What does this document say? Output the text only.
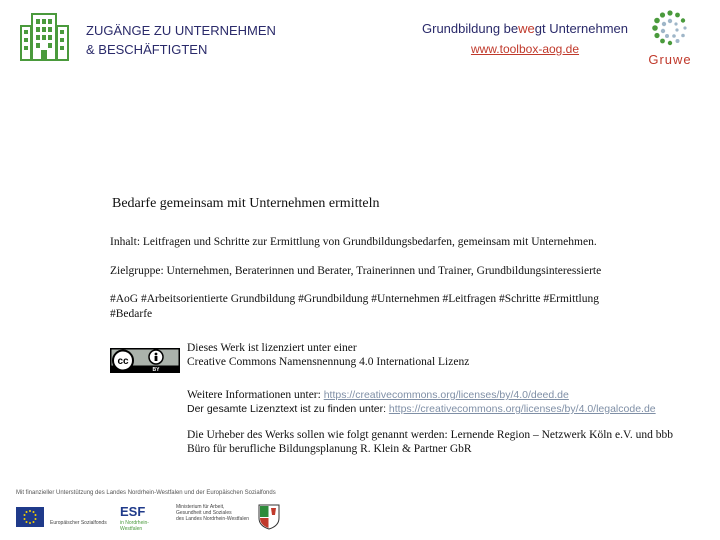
ZUGÄNGE ZU UNTERNEHMEN
& BESCHÄFTIGTEN
Grundbildung bewegt Unternehmen
www.toolbox-aog.de
Gruwe
Bedarfe gemeinsam mit Unternehmen ermitteln
Inhalt: Leitfragen und Schritte zur Ermittlung von Grundbildungsbedarfen, gemeinsam mit Unternehmen.
Zielgruppe: Unternehmen, Beraterinnen und Berater, Trainerinnen und Trainer, Grundbildungsinteressierte
#AoG #Arbeitsorientierte Grundbildung #Grundbildung #Unternehmen #Leitfragen #Schritte #Ermittlung
#Bedarfe
cc
BY
Dieses Werk ist lizenziert unter einer
Creative Commons Namensnennung 4.0 International Lizenz
Weitere Informationen unter: https://creativecommons.org/licenses/by/4.0/deed.de
Der gesamte Lizenztext ist zu finden unter: https://creativecommons.org/licenses/by/4.0/legalcode.de
Die Urheber des Werks sollen wie folgt genannt werden: Lernende Region – Netzwerk Köln e.V. und bbb
Büro für berufliche Bildungsplanung R. Klein & Partner GbR
Mit finanzieller Unterstützung des Landes Nordrhein-Westfalen und der Europäischen Sozialfonds
Europäischer Sozialfonds
ESF
in Nordrhein-Westfalen
Ministerium für Arbeit,
Gesundheit und Soziales
des Landes Nordrhein-Westfalen
